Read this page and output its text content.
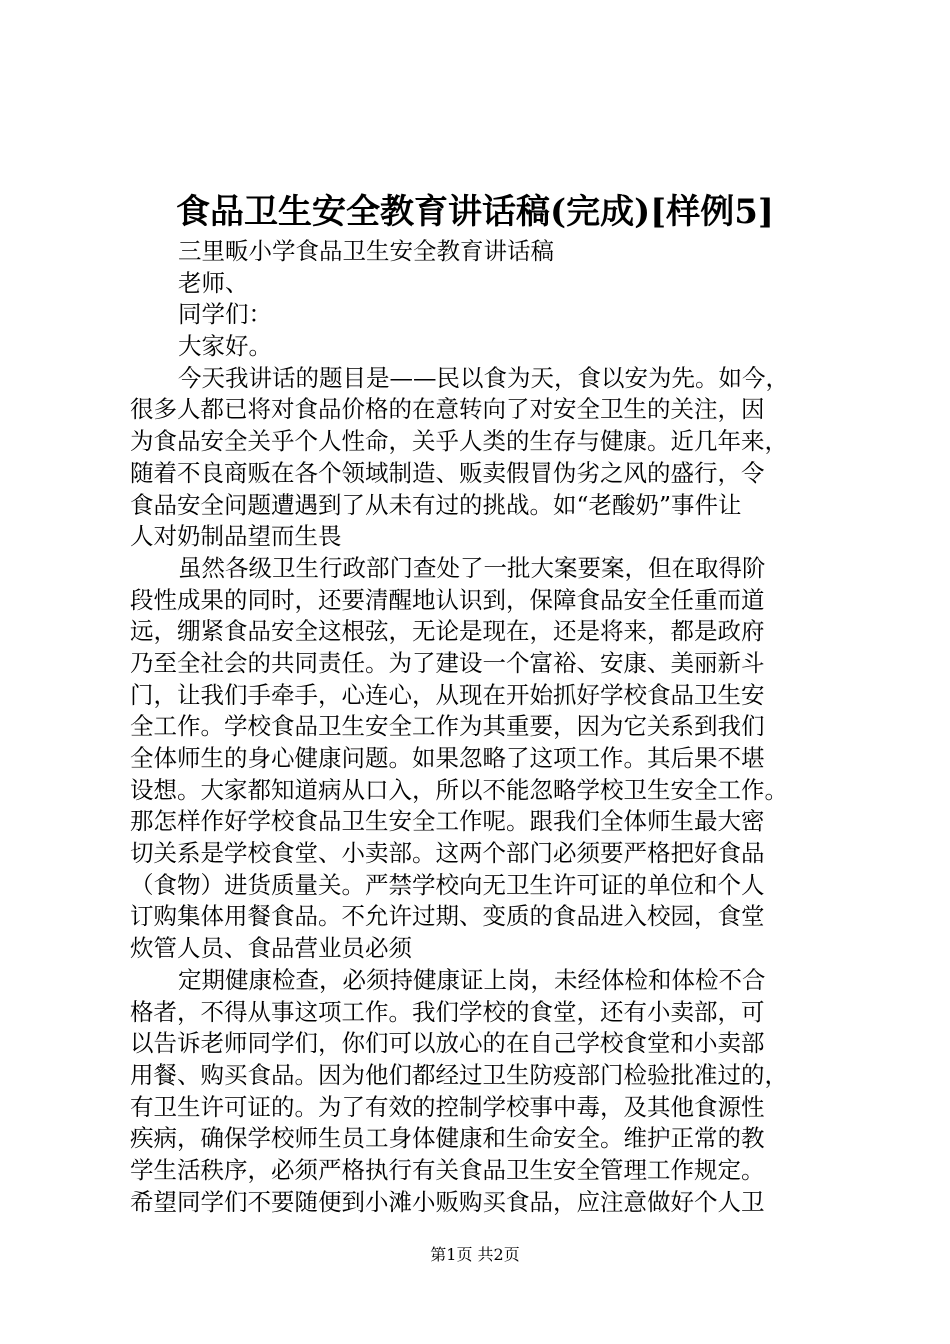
食品卫生安全教育讲话稿(完成)[样例5]
三里畈小学食品卫生安全教育讲话稿
老师、
同学们：
大家好。
今天我讲话的题目是——民以食为天，食以安为先。如今，
很多人都已将对食品价格的在意转向了对安全卫生的关注，因
为食品安全关乎个人性命，关乎人类的生存与健康。近几年来，
随着不良商贩在各个领域制造、贩卖假冒伪劣之风的盛行，令
食品安全问题遭遇到了从未有过的挑战。如“老酸奶”事件让
人对奶制品望而生畏
虽然各级卫生行政部门查处了一批大案要案，但在取得阶
段性成果的同时，还要清醒地认识到，保障食品安全任重而道
远，绷紧食品安全这根弦，无论是现在，还是将来，都是政府
乃至全社会的共同责任。为了建设一个富裕、安康、美丽新斗
门，让我们手牵手，心连心，从现在开始抓好学校食品卫生安
全工作。学校食品卫生安全工作为其重要，因为它关系到我们
全体师生的身心健康问题。如果忽略了这项工作。其后果不堪
设想。大家都知道病从口入，所以不能忽略学校卫生安全工作。
那怎样作好学校食品卫生安全工作呢。跟我们全体师生最大密
切关系是学校食堂、小卖部。这两个部门必须要严格把好食品
（食物）进货质量关。严禁学校向无卫生许可证的单位和个人
订购集体用餐食品。不允许过期、变质的食品进入校园，食堂
炊管人员、食品营业员必须
定期健康检查，必须持健康证上岗，未经体检和体检不合
格者，不得从事这项工作。我们学校的食堂，还有小卖部，可
以告诉老师同学们，你们可以放心的在自己学校食堂和小卖部
用餐、购买食品。因为他们都经过卫生防疫部门检验批准过的，
有卫生许可证的。为了有效的控制学校事中毒，及其他食源性
疾病，确保学校师生员工身体健康和生命安全。维护正常的教
学生活秩序，必须严格执行有关食品卫生安全管理工作规定。
希望同学们不要随便到小滩小贩购买食品，应注意做好个人卫
第1页 共2页
